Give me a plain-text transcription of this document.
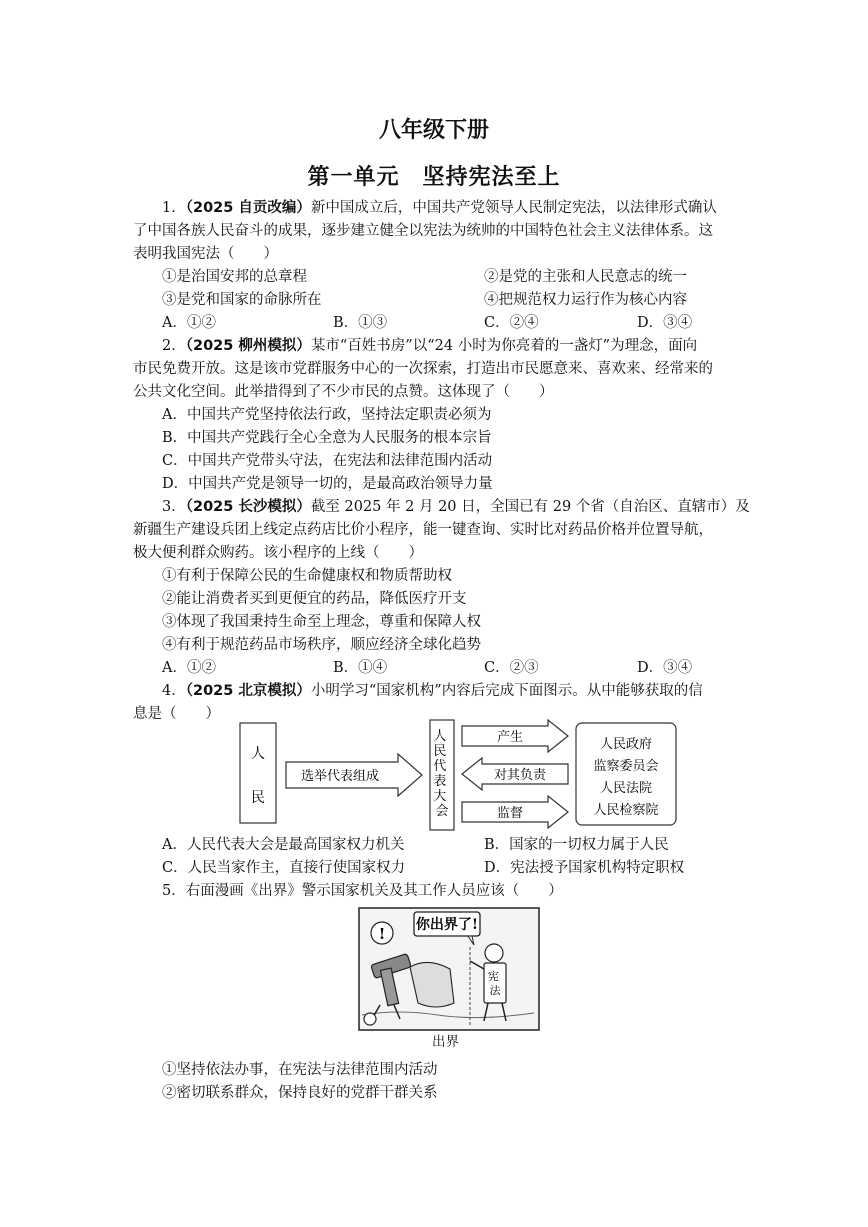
八年级下册
第一单元　坚持宪法至上
1．（2025 自贡改编）新中国成立后，中国共产党领导人民制定宪法，以法律形式确认
了中国各族人民奋斗的成果，逐步建立健全以宪法为统帅的中国特色社会主义法律体系。这
表明我国宪法（　　）
①是治国安邦的总章程	②是党的主张和人民意志的统一
③是党和国家的命脉所在	④把规范权力运行作为核心内容
A．①②	B．①③	C．②④	D．③④
2．（2025 柳州模拟）某市“百姓书房”以“24 小时为你亮着的一盏灯”为理念，面向
市民免费开放。这是该市党群服务中心的一次探索，打造出市民愿意来、喜欢来、经常来的
公共文化空间。此举措得到了不少市民的点赞。这体现了（　　）
A．中国共产党坚持依法行政，坚持法定职责必须为
B．中国共产党践行全心全意为人民服务的根本宗旨
C．中国共产党带头守法，在宪法和法律范围内活动
D．中国共产党是领导一切的，是最高政治领导力量
3．（2025 长沙模拟）截至 2025 年 2 月 20 日，全国已有 29 个省（自治区、直辖市）及
新疆生产建设兵团上线定点药店比价小程序，能一键查询、实时比对药品价格并位置导航，
极大便利群众购药。该小程序的上线（　　）
①有利于保障公民的生命健康权和物质帮助权
②能让消费者买到更便宜的药品，降低医疗开支
③体现了我国秉持生命至上理念，尊重和保障人权
④有利于规范药品市场秩序，顺应经济全球化趋势
A．①②	B．①④	C．②③	D．③④
4．（2025 北京模拟）小明学习“国家机构”内容后完成下面图示。从中能够获取的信
息是（　　）
人
民
选举代表组成
人 民 代 表 大 会
产生
对其负责
监督
人民政府
监察委员会
人民法院
人民检察院
A．人民代表大会是最高国家权力机关	B．国家的一切权力属于人民
C．人民当家作主，直接行使国家权力	D．宪法授予国家机构特定职权
5．右面漫画《出界》警示国家机关及其工作人员应该（　　）
你出界了!
!
宪 法
出界
①坚持依法办事，在宪法与法律范围内活动
②密切联系群众，保持良好的党群干群关系
